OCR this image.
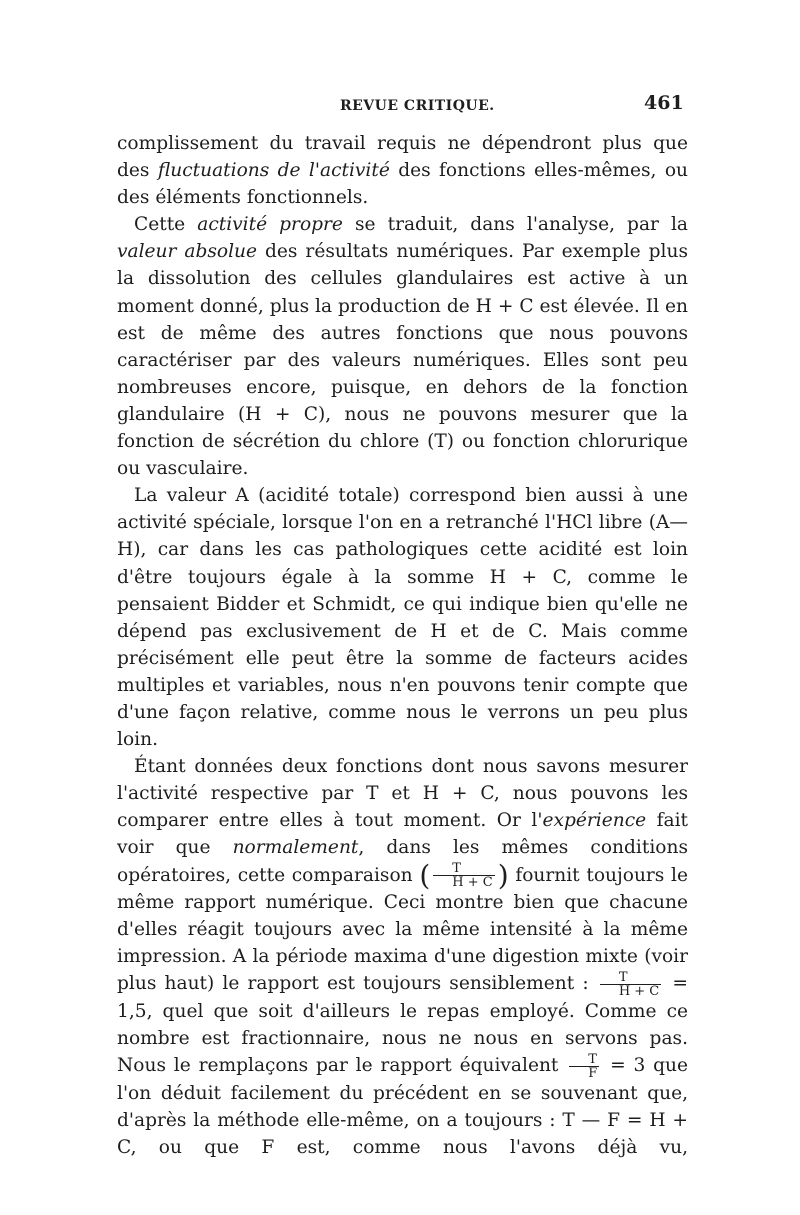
REVUE CRITIQUE.	461

complissement du travail requis ne dépendront plus que des fluctuations de l'activité des fonctions elles-mêmes, ou des éléments fonctionnels.

Cette activité propre se traduit, dans l'analyse, par la valeur absolue des résultats numériques. Par exemple plus la dissolution des cellules glandulaires est active à un moment donné, plus la production de H + C est élevée. Il en est de même des autres fonctions que nous pouvons caractériser par des valeurs numériques. Elles sont peu nombreuses encore, puisque, en dehors de la fonction glandulaire (H + C), nous ne pouvons mesurer que la fonction de sécrétion du chlore (T) ou fonction chlorurique ou vasculaire.

La valeur A (acidité totale) correspond bien aussi à une activité spéciale, lorsque l'on en a retranché l'HCl libre (A—H), car dans les cas pathologiques cette acidité est loin d'être toujours égale à la somme H + C, comme le pensaient Bidder et Schmidt, ce qui indique bien qu'elle ne dépend pas exclusivement de H et de C. Mais comme précisément elle peut être la somme de facteurs acides multiples et variables, nous n'en pouvons tenir compte que d'une façon relative, comme nous le verrons un peu plus loin.

Étant données deux fonctions dont nous savons mesurer l'activité respective par T et H + C, nous pouvons les comparer entre elles à tout moment. Or l'expérience fait voir que normalement, dans les mêmes conditions opératoires, cette comparaison ( $\frac{T}{H + C}$ ) fournit toujours le même rapport numérique. Ceci montre bien que chacune d'elles réagit toujours avec la même intensité à la même impression. A la période maxima d'une digestion mixte (voir plus haut) le rapport est toujours sensiblement : $\frac{T}{H + C} = 1,5$, quel que soit d'ailleurs le repas employé. Comme ce nombre est fractionnaire, nous ne nous en servons pas. Nous le remplaçons par le rapport équivalent $\frac{T}{F} = 3$ que l'on déduit facilement du précédent en se souvenant que, d'après la méthode elle-même, on a toujours : T — F = H + C, ou que F est, comme nous l'avons déjà vu,
